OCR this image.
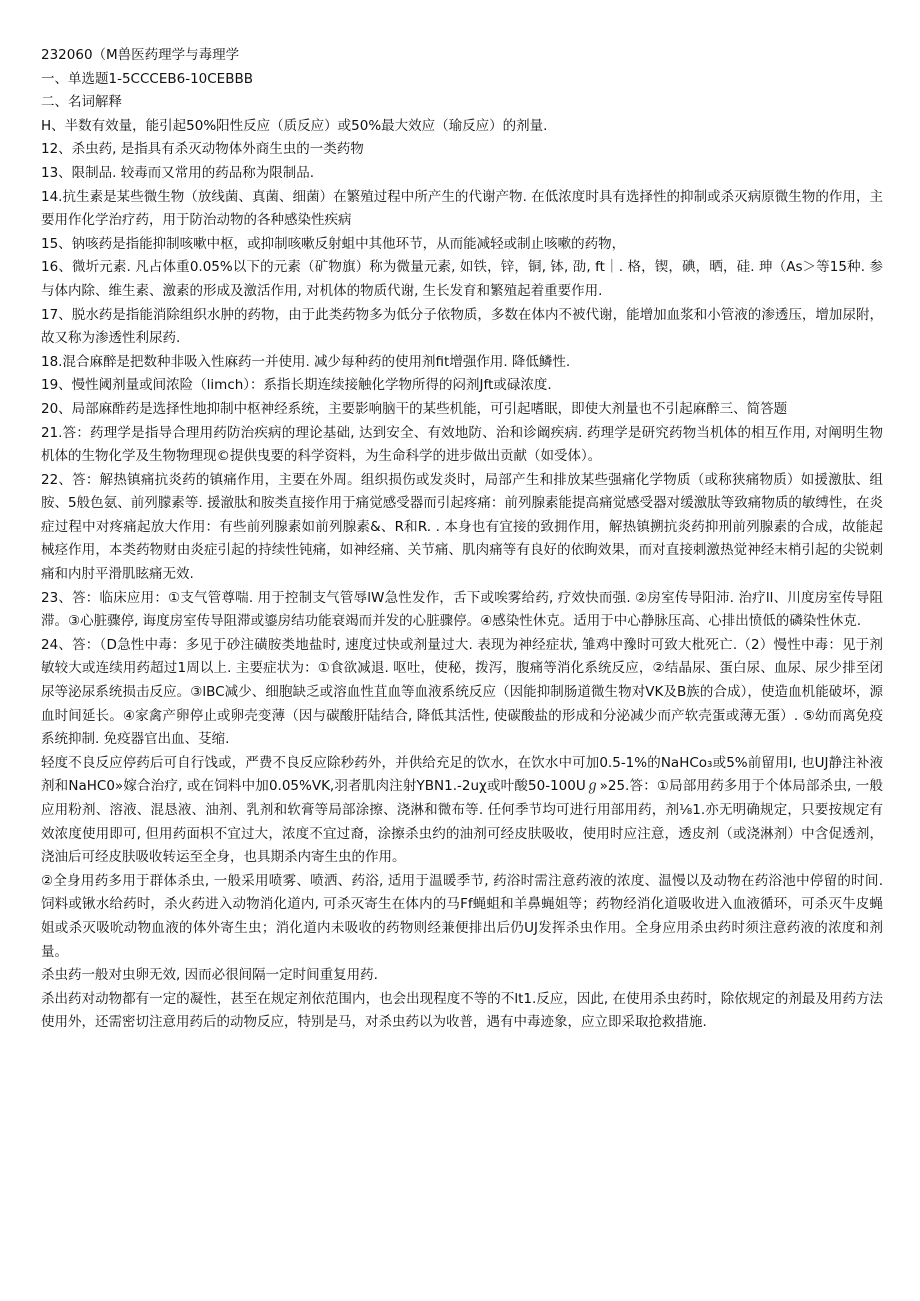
232060（M兽医药理学与毒理学

一、单选题1-5CCCEB6-10CEBBB

二、名词解释

H、半数有效量，能引起50%阳性反应（质反应）或50%最大效应（瑜反应）的剂量.

12、杀虫药, 是指具有杀灭动物体外商生虫的一类药物

13、限制品. 较毒而又常用的药品称为限制品.

14.抗生素是某些微生物（放线菌、真菌、细菌）在繁殖过程中所产生的代谢产物. 在低浓度时具有选择性的抑制或杀灭病原微生物的作用，主要用作化学治疗药，用于防治动物的各种感染性疾病

15、钠咳药是指能抑制咳嗽中枢，或抑制咳嗽反射蛆中其他环节，从而能减轻或制止咳嗽的药物，

16、微圻元素. 凡占体重0.05%以下的元素（矿物旗）称为微量元素, 如铁，锌，铜, 钵, 劭, ft｜. 格，锲，碘，晒，硅. 珅（As＞等15种. 参与体内除、维生素、激素的形成及激活作用, 对机体的物质代谢, 生长发育和繁殖起着重要作用.

17、脱水药是指能消除组织水肿的药物，由于此类药物多为低分子依物质，多数在体内不被代谢，能增加血浆和小管液的渗透压，增加尿附，故又称为渗透性利尿药.

18.混合麻醉是把数种非吸入性麻药一并使用. 减少每种药的使用剂fit增强作用. 降低鳞性.

19、慢性阈剂量或间浓险（limch）：系指长期连续接触化学物所得的闷剂Jft或碌浓度.

20、局部麻酢药是选择性地抑制中枢神经系统，主要影响脑干的某些机能，可引起嗜眠，即使大剂量也不引起麻醉三、简答题

21.答：药理学是指导合理用药防治疾病的理论基础, 达到安全、有效地防、治和诊阚疾病. 药理学是研究药物当机体的相互作用, 对阐明生物机体的生物化学及生物物理现©提供曳要的科学资料，为生命科学的进步做出贡献（如受体）。

22、答：解热镇痛抗炎药的镇痛作用，主要在外周。组织损伤或发炎时，局部产生和排放某些强痛化学物质（或称狭痛物质）如援激肽、组胺、5般色氨、前列朦素等. 援澈肽和胺类直接作用于痛觉感受器而引起疼痛：前列腺素能提高痛觉感受器对缓激肽等致痛物质的敏缚性，在炎症过程中对疼痛起放大作用：有些前列腺素如前列腺素&、R和R. . 本身也有宜接的致拥作用，解热镇搠抗炎药抑刑前列腺素的合成，故能起械痉作用，本类药物财由炎症引起的持续性钝痛，如神经痛、关节痛、肌肉痛等有良好的依眴效果，而对直接刺激热觉神经末梢引起的尖锐刺痛和内肘平滑肌眩痛无效.

23、答：临床应用：①支气管尊喘. 用于控制支气管辱lW急性发作，舌下或唉雾给药, 疗效快而强. ②房室传导阳沛. 治疗ll、川度房室传导阻滞。③心脏骤停, 诲度房室传导阻滞或鎏房结功能衰竭而并发的心脏骤停。④感染性休克。适用于中心静脉压高、心排出愤低的磷染性休克.

24、答：（D急性中毒：多见于砂注磺胺类地盐时, 速度过快或剂量过大. 表现为神经症状, 雏鸡中豫时可致大枇死亡.（2）慢性中毒：见于剂敏较大或连续用药超过1周以上. 主要症状为：①食欲减退. 呕吐，使秘，拨泻，腹痛等消化系统反应，②结晶尿、蛋白尿、血尿、尿少排至闭尿等泌尿系统损击反应。③lBC减少、细胞缺乏或溶血性苴血等血液系统反应（因能抑制肠道微生物对VK及B族的合成），使造血机能破坏，源血时间延长。④家禽产卵停止或卵壳变薄（因与碳酸肝陆结合, 降低其活性, 使碳酸盐的形成和分泌减少而产软壳蛋或薄无蛋）. ⑤幼而离免疫系统抑制. 免疫器官出血、芟缩.

轻度不良反应停药后可自行饯或，严费不良反应除秒药外，并供给充足的饮水，在饮水中可加0.5-1%的NaHCo₃或5%前留用l, 也UJ静注补液剂和NaHC0»嫁合治疗, 或在饲料中加0.05%VK,羽者肌肉注射YBN1.-2uχ或叶酸50-100Uℊ»25.答：①局部用药多用于个体局部杀虫, 一般应用粉剂、溶液、混恳液、油剂、乳剂和软膏等局部涂擦、浇淋和微布等. 任何季节均可进行用部用药，剂⅛1.亦无明确规定，只要按规定有效浓度使用即可, 但用药面枳不宜过大，浓度不宜过裔，涂擦杀虫约的油剂可经皮肤吸收，使用时应注意，透皮剂（或浇淋剂）中含促透剂，浇油后可经皮肤吸收转运至全身，也具期杀内寄生虫的作用。

②全身用药多用于群体杀虫, 一般采用喷雾、喷洒、药浴, 适用于温暖季节, 药浴时需注意药液的浓度、温慢以及动物在药浴池中停留的时间. 饲料或锹水给药时，杀火药进入动物消化道内, 可杀灭寄生在体内的马Ff蝇蛆和羊鼻蝇姐等；药物经消化道吸收进入血液循环，可杀灭牛皮蝇姐或杀灭吸吮动物血液的体外寄生虫；消化道内未吸收的药物则经兼便排出后仍UJ发挥杀虫作用。全身应用杀虫药时须注意药液的浓度和剂量。

杀虫药一般对虫卵无效, 因而必很间隔一定时间重复用药.

杀出药对动物都有一定的凝性，甚至在规定剂依范围内，也会出现程度不等的不lt1.反应，因此, 在使用杀虫药时，除依规定的剂最及用药方法使用外，还需密切注意用药后的动物反应，特别是马，对杀虫药以为收普，遇有中毒迹象，应立即采取抢救措施.
